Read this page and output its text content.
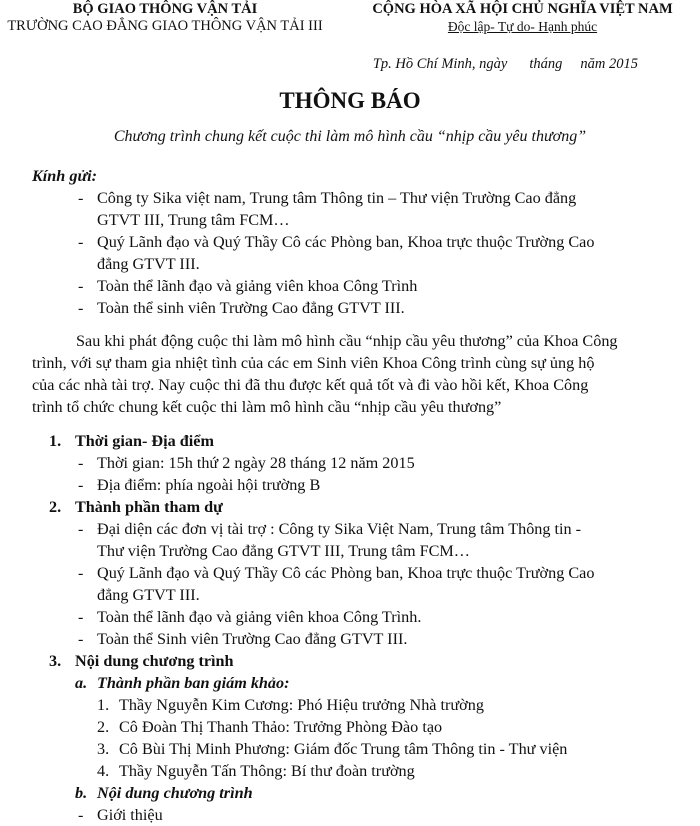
BỘ GIAO THÔNG VẬN TẢI
TRƯỜNG CAO ĐẲNG GIAO THÔNG VẬN TẢI III
CỘNG HÒA XÃ HỘI CHỦ NGHĨA VIỆT NAM
Độc lập- Tự do- Hạnh phúc
Tp. Hồ Chí Minh, ngày tháng năm 2015
THÔNG BÁO
Chương trình chung kết cuộc thi làm mô hình cầu “nhịp cầu yêu thương”
Kính gửi:
- Công ty Sika việt nam, Trung tâm Thông tin – Thư viện Trường Cao đẳng
GTVT III, Trung tâm FCM…
- Quý Lãnh đạo và Quý Thầy Cô các Phòng ban, Khoa trực thuộc Trường Cao
đẳng GTVT III.
- Toàn thể lãnh đạo và giảng viên khoa Công Trình
- Toàn thể sinh viên Trường Cao đẳng GTVT III.
Sau khi phát động cuộc thi làm mô hình cầu “nhịp cầu yêu thương” của Khoa Công
trình, với sự tham gia nhiệt tình của các em Sinh viên Khoa Công trình cùng sự ủng hộ
của các nhà tài trợ. Nay cuộc thi đã thu được kết quả tốt và đi vào hồi kết, Khoa Công
trình tổ chức chung kết cuộc thi làm mô hình cầu “nhịp cầu yêu thương”
1. Thời gian- Địa điểm
- Thời gian: 15h thứ 2 ngày 28 tháng 12 năm 2015
- Địa điểm: phía ngoài hội trường B
2. Thành phần tham dự
- Đại diện các đơn vị tài trợ : Công ty Sika Việt Nam, Trung tâm Thông tin -
Thư viện Trường Cao đẳng GTVT III, Trung tâm FCM…
- Quý Lãnh đạo và Quý Thầy Cô các Phòng ban, Khoa trực thuộc Trường Cao
đẳng GTVT III.
- Toàn thể lãnh đạo và giảng viên khoa Công Trình.
- Toàn thể Sinh viên Trường Cao đẳng GTVT III.
3. Nội dung chương trình
a. Thành phần ban giám khảo:
1. Thầy Nguyễn Kim Cương: Phó Hiệu trưởng Nhà trường
2. Cô Đoàn Thị Thanh Thảo: Trưởng Phòng Đào tạo
3. Cô Bùi Thị Minh Phương: Giám đốc Trung tâm Thông tin - Thư viện
4. Thầy Nguyễn Tấn Thông: Bí thư đoàn trường
b. Nội dung chương trình
- Giới thiệu
